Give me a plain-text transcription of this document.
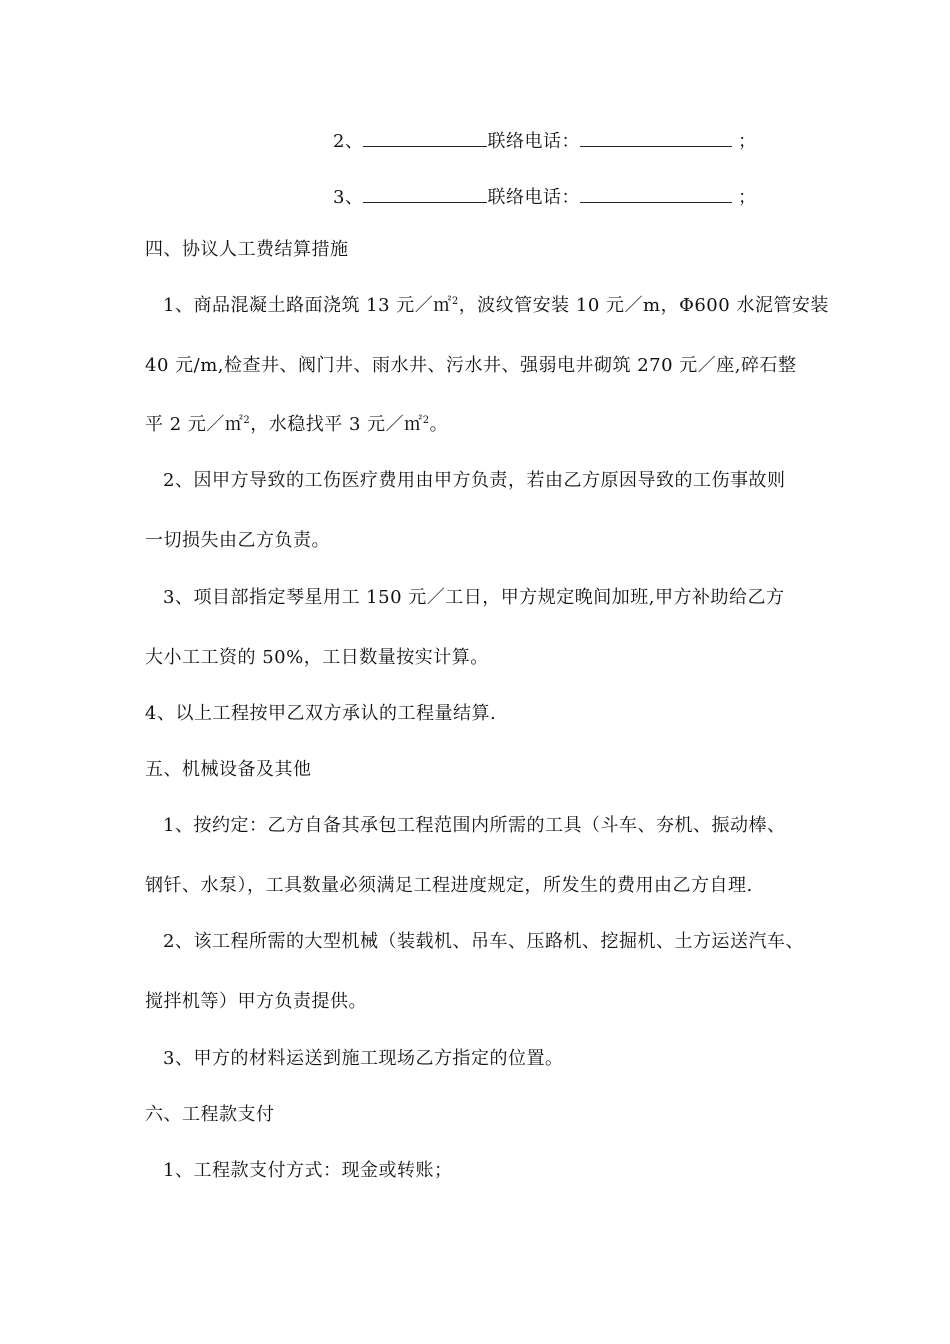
2、	联络电话：	；
3、	联络电话：	；
四、协议人工费结算措施
1、商品混凝土路面浇筑 13 元／㎡$^2$，波纹管安装 10 元／m，Φ600 水泥管安装
40 元/m,检查井、阀门井、雨水井、污水井、强弱电井砌筑 270 元／座,碎石整
平 2 元／㎡$^2$，水稳找平 3 元／㎡$^2$。
2、因甲方导致的工伤医疗费用由甲方负责，若由乙方原因导致的工伤事故则
一切损失由乙方负责。
3、项目部指定琴星用工 150 元／工日，甲方规定晚间加班,甲方补助给乙方
大小工工资的 50%，工日数量按实计算。
4、以上工程按甲乙双方承认的工程量结算.
五、机械设备及其他
1、按约定：乙方自备其承包工程范围内所需的工具（斗车、夯机、振动棒、
钢钎、水泵），工具数量必须满足工程进度规定，所发生的费用由乙方自理.
2、该工程所需的大型机械（装载机、吊车、压路机、挖掘机、土方运送汽车、
搅拌机等）甲方负责提供。
3、甲方的材料运送到施工现场乙方指定的位置。
六、工程款支付
1、工程款支付方式：现金或转账；
